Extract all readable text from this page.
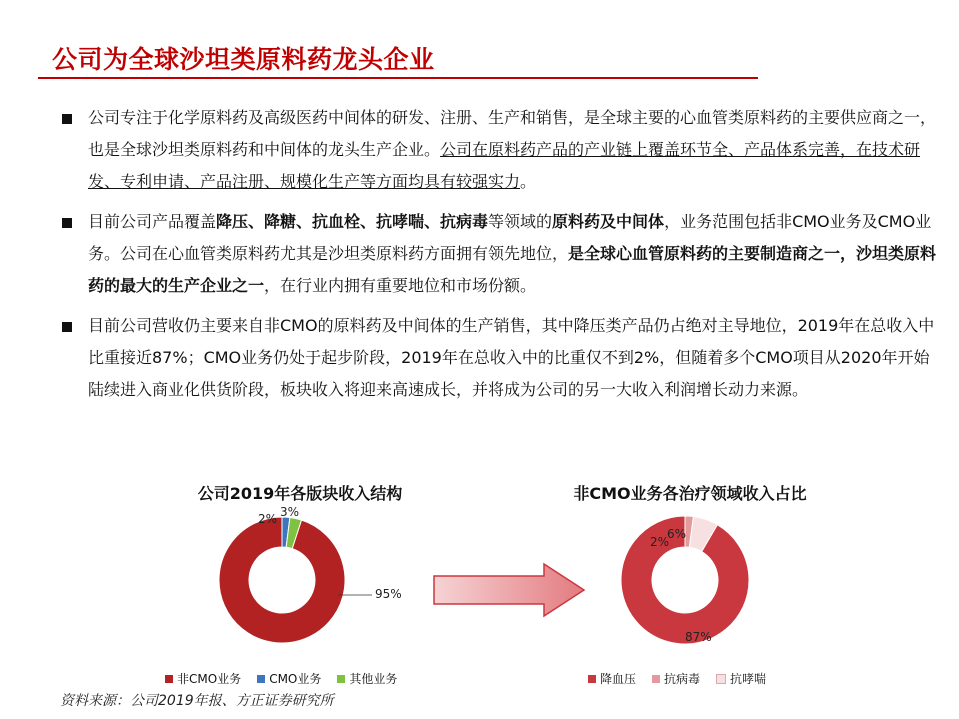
公司为全球沙坦类原料药龙头企业
公司专注于化学原料药及高级医药中间体的研发、注册、生产和销售，是全球主要的心血管类原料药的主要供应商之一，也是全球沙坦类原料药和中间体的龙头生产企业。公司在原料药产品的产业链上覆盖环节全、产品体系完善，在技术研发、专利申请、产品注册、规模化生产等方面均具有较强实力。
目前公司产品覆盖降压、降糖、抗血栓、抗哮喘、抗病毒等领域的原料药及中间体，业务范围包括非CMO业务及CMO业务。公司在心血管类原料药尤其是沙坦类原料药方面拥有领先地位，是全球心血管原料药的主要制造商之一，沙坦类原料药的最大的生产企业之一，在行业内拥有重要地位和市场份额。
目前公司营收仍主要来自非CMO的原料药及中间体的生产销售，其中降压类产品仍占绝对主导地位，2019年在总收入中比重接近87%；CMO业务仍处于起步阶段，2019年在总收入中的比重仅不到2%，但随着多个CMO项目从2020年开始陆续进入商业化供货阶段，板块收入将迎来高速成长，并将成为公司的另一大收入利润增长动力来源。
公司2019年各版块收入结构
95%
2% 3%
非CMO业务 CMO业务 其他业务
非CMO业务各治疗领域收入占比
87%
2%
6%
降血压 抗病毒	抗哮喘
资料来源：公司2019年报、方正证券研究所
